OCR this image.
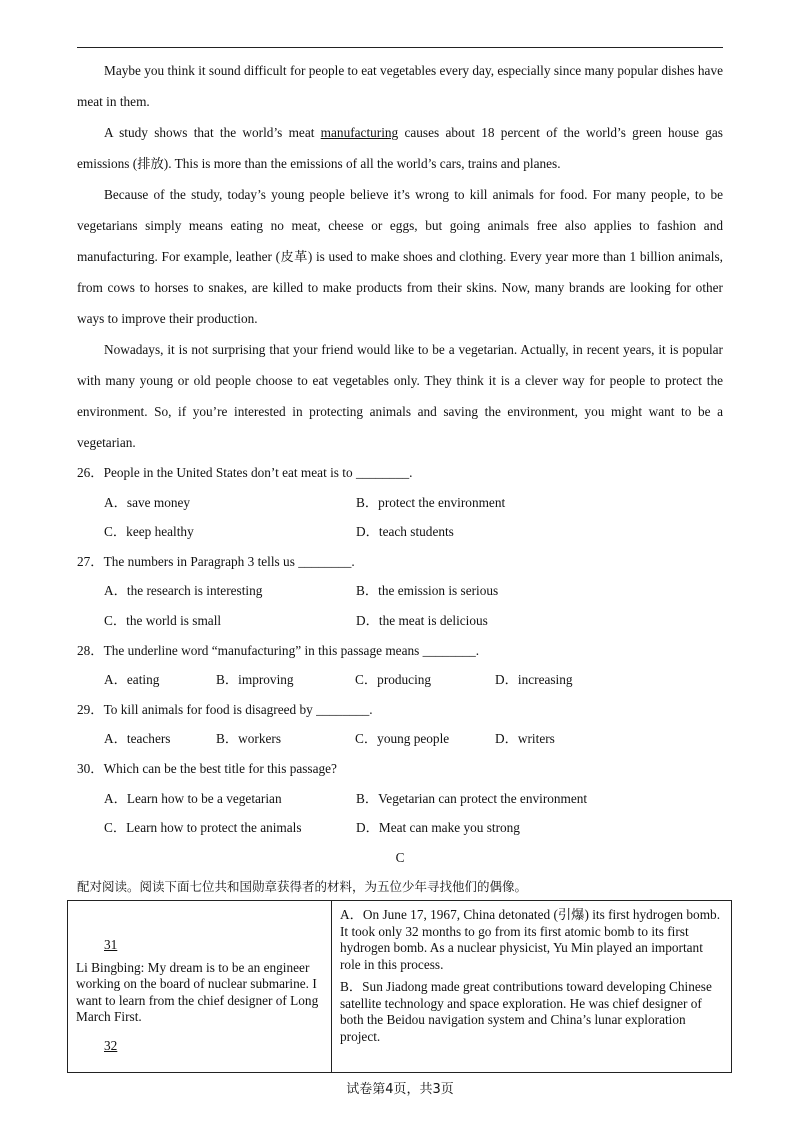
Maybe you think it sound difficult for people to eat vegetables every day, especially since many popular dishes have meat in them.

A study shows that the world’s meat manufacturing causes about 18 percent of the world’s green house gas emissions (排放). This is more than the emissions of all the world’s cars, trains and planes.

Because of the study, today’s young people believe it’s wrong to kill animals for food. For many people, to be vegetarians simply means eating no meat, cheese or eggs, but going animals free also applies to fashion and manufacturing. For example, leather (皮革) is used to make shoes and clothing. Every year more than 1 billion animals, from cows to horses to snakes, are killed to make products from their skins. Now, many brands are looking for other ways to improve their production.

Nowadays, it is not surprising that your friend would like to be a vegetarian. Actually, in recent years, it is popular with many young or old people choose to eat vegetables only. They think it is a clever way for people to protect the environment. So, if you’re interested in protecting animals and saving the environment, you might want to be a vegetarian.

26．People in the United States don’t eat meat is to ________.

A．save money	B．protect the environment
C．keep healthy	D．teach students

27．The numbers in Paragraph 3 tells us ________.

A．the research is interesting	B．the emission is serious
C．the world is small	D．the meat is delicious

28．The underline word “manufacturing” in this passage means ________.

A．eating	B．improving	C．producing	D．increasing

29．To kill animals for food is disagreed by ________.

A．teachers	B．workers	C．young people	D．writers

30．Which can be the best title for this passage?

A．Learn how to be a vegetarian	B．Vegetarian can protect the environment
C．Learn how to protect the animals	D．Meat can make you strong

C

配对阅读。阅读下面七位共和国勋章获得者的材料，为五位少年寻找他们的偶像。

31

Li Bingbing: My dream is to be an engineer working on the board of nuclear submarine. I want to learn from the chief designer of Long March First.

32

A．On June 17, 1967, China detonated (引爆) its first hydrogen bomb. It took only 32 months to go from its first atomic bomb to its first hydrogen bomb. As a nuclear physicist, Yu Min played an important role in this process.

B．Sun Jiadong made great contributions toward developing Chinese satellite technology and space exploration. He was chief designer of both the Beidou navigation system and China’s lunar exploration project.

试卷第4页，共3页
